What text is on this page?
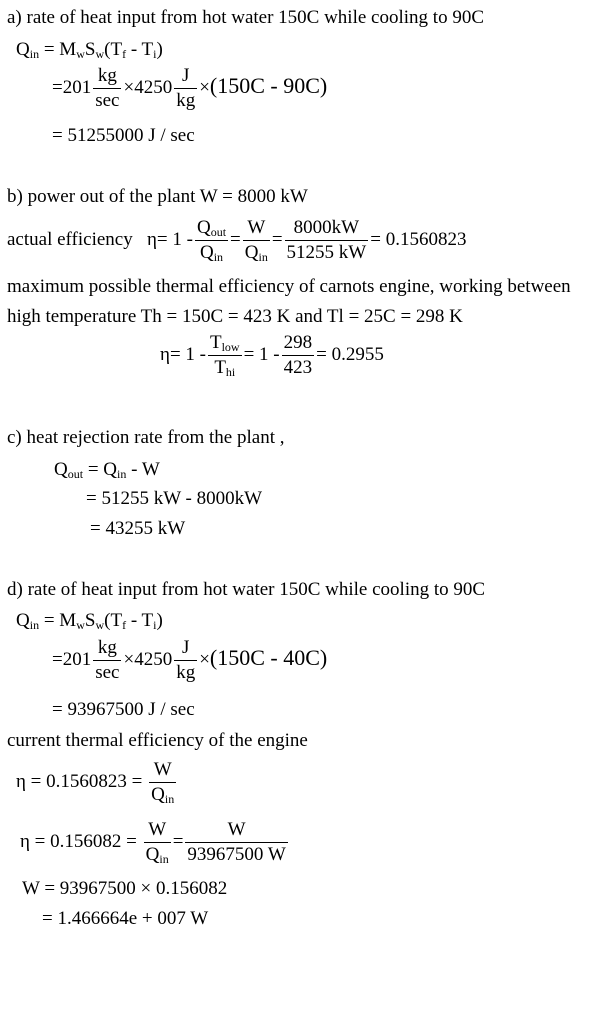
a) rate of heat input from hot water 150C while cooling to 90C
$Q_{in} = M_wS_w(T_f - T_i)$
$=201 \frac{kg}{\sec} \times 4250 \frac{J}{kg} \times(150C - 90C)$
= 51255000 J / sec
b) power out of the plant W = 8000 kW
actual efficiency $\eta= 1 - \frac{Q_{out}}{Q_{in}} = \frac{W}{Q_{in}} = \frac{8000kW}{51255 kW} = 0.1560823$
maximum possible thermal efficiency of carnots engine, working between
high temperature Th = 150C = 423 K and Tl = 25C = 298 K
$\eta= 1 - \frac{T_{low}}{T_{hi}} = 1 - \frac{298}{423} = 0.2955$
c) heat rejection rate from the plant ,
$Q_{out} = Q_{in} - W$
= 51255 kW - 8000kW
= 43255 kW
d) rate of heat input from hot water 150C while cooling to 90C
$Q_{in} = M_wS_w(T_f - T_i)$
$=201 \frac{kg}{\sec} \times 4250 \frac{J}{kg} \times(150C - 40C)$
= 93967500 J / sec
current thermal efficiency of the engine
$\eta = 0.1560823 = \frac{W}{Q_{in}}$
$\eta = 0.156082 = \frac{W}{Q_{in}} = \frac{W}{93967500 W}$
W = 93967500 × 0.156082
= 1.466664e + 007 W
